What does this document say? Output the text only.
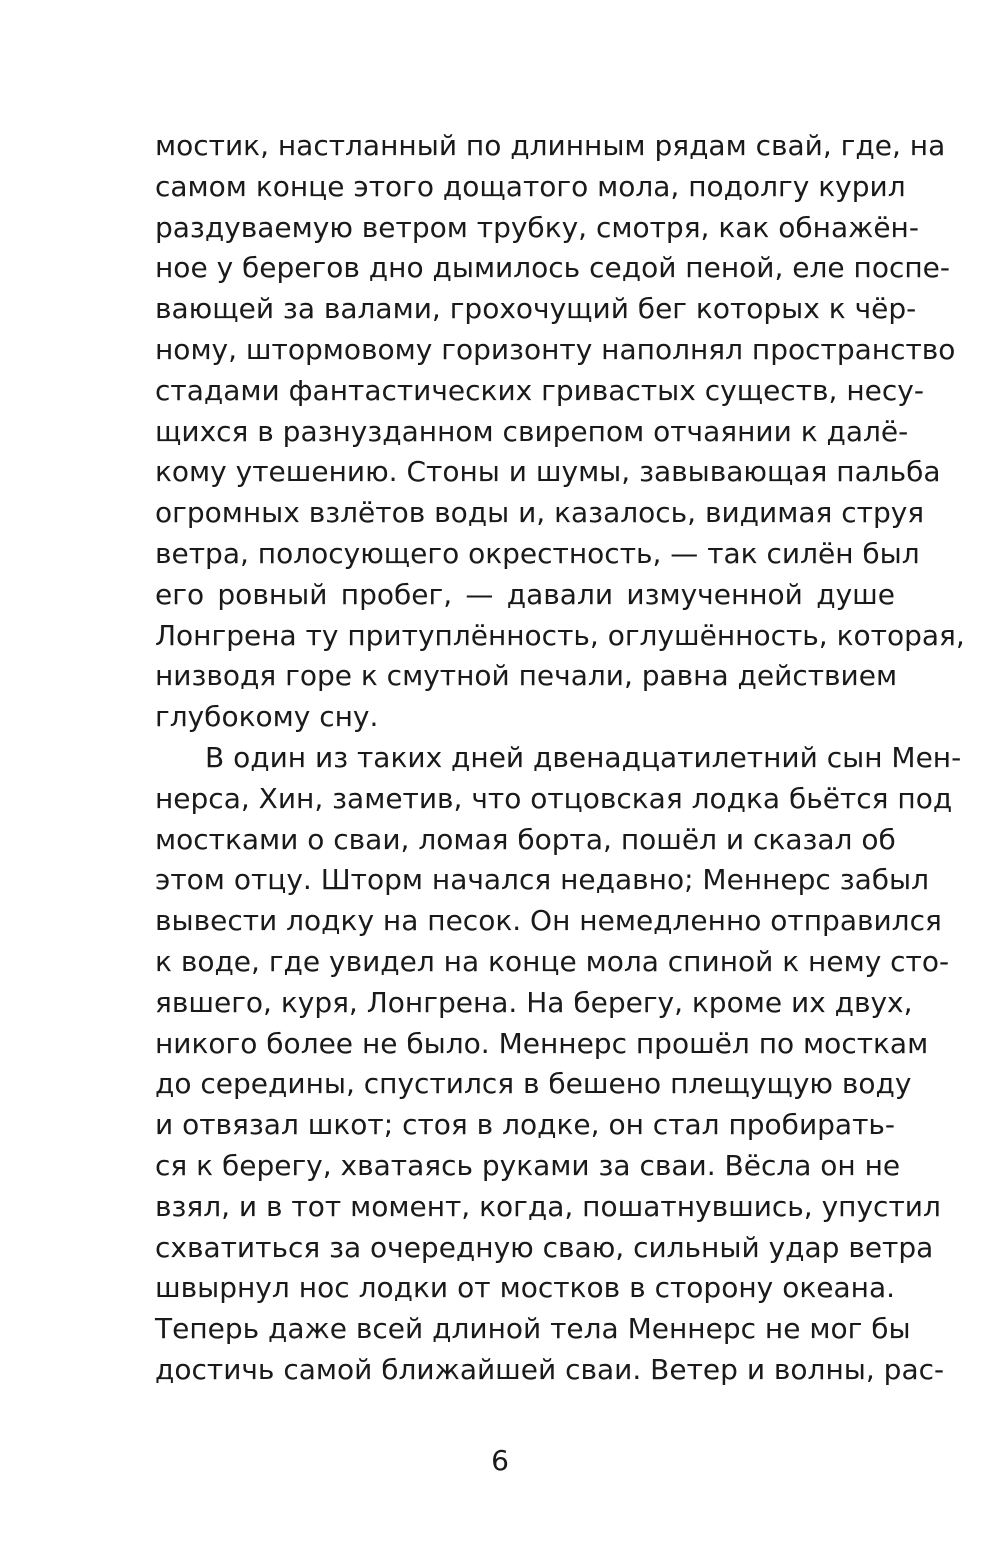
мостик, настланный по длинным рядам свай, где, на
самом конце этого дощатого мола, подолгу курил
раздуваемую ветром трубку, смотря, как обнажён-
ное у берегов дно дымилось седой пеной, еле поспе-
вающей за валами, грохочущий бег которых к чёр-
ному, штормовому горизонту наполнял пространство
стадами фантастических гривастых существ, несу-
щихся в разнузданном свирепом отчаянии к далё-
кому утешению. Стоны и шумы, завывающая пальба
огромных взлётов воды и, казалось, видимая струя
ветра, полосующего окрестность, — так силён был
его ровный пробег, — давали измученной душе
Лонгрена ту притуплённость, оглушённость, которая,
низводя горе к смутной печали, равна действием
глубокому сну.
В один из таких дней двенадцатилетний сын Мен-
нерса, Хин, заметив, что отцовская лодка бьётся под
мостками о сваи, ломая борта, пошёл и сказал об
этом отцу. Шторм начался недавно; Меннерс забыл
вывести лодку на песок. Он немедленно отправился
к воде, где увидел на конце мола спиной к нему сто-
явшего, куря, Лонгрена. На берегу, кроме их двух,
никого более не было. Меннерс прошёл по мосткам
до середины, спустился в бешено плещущую воду
и отвязал шкот; стоя в лодке, он стал пробирать-
ся к берегу, хватаясь руками за сваи. Вёсла он не
взял, и в тот момент, когда, пошатнувшись, упустил
схватиться за очередную сваю, сильный удар ветра
швырнул нос лодки от мостков в сторону океана.
Теперь даже всей длиной тела Меннерс не мог бы
достичь самой ближайшей сваи. Ветер и волны, рас-
6
